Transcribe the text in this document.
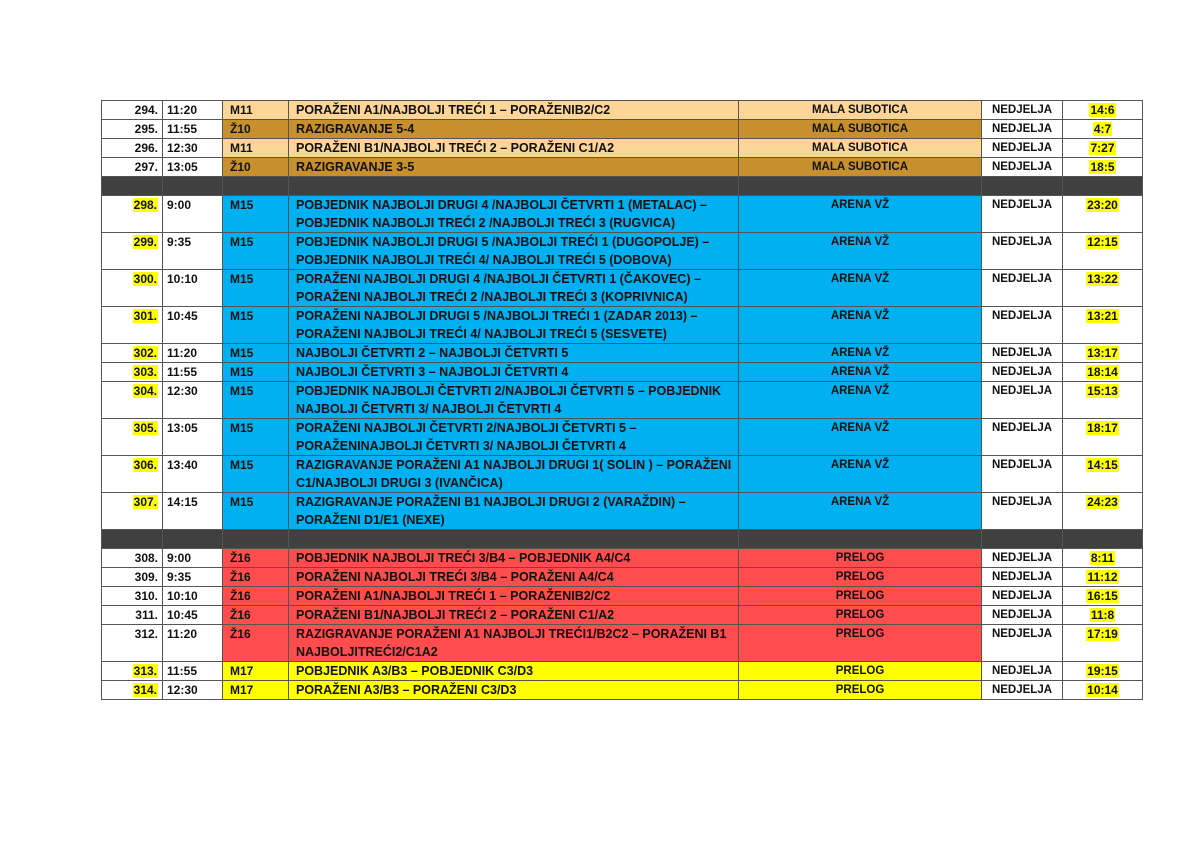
294.	11:20	M11	PORAŽENI A1/NAJBOLJI TREĆI 1 – PORAŽENIB2/C2	MALA SUBOTICA	NEDJELJA	14:6
295.	11:55	Ž10	RAZIGRAVANJE 5-4	MALA SUBOTICA	NEDJELJA	4:7
296.	12:30	M11	PORAŽENI B1/NAJBOLJI TREĆI 2 – PORAŽENI C1/A2	MALA SUBOTICA	NEDJELJA	7:27
297.	13:05	Ž10	RAZIGRAVANJE 3-5	MALA SUBOTICA	NEDJELJA	18:5

298.	9:00	M15	POBJEDNIK NAJBOLJI DRUGI 4 /NAJBOLJI ČETVRTI 1 (METALAC) – POBJEDNIK NAJBOLJI TREĆI 2 /NAJBOLJI TREĆI 3 (RUGVICA)	ARENA VŽ	NEDJELJA	23:20
299.	9:35	M15	POBJEDNIK NAJBOLJI DRUGI 5 /NAJBOLJI TREĆI 1 (DUGOPOLJE) – POBJEDNIK NAJBOLJI TREĆI 4/ NAJBOLJI TREĆI 5 (DOBOVA)	ARENA VŽ	NEDJELJA	12:15
300.	10:10	M15	PORAŽENI NAJBOLJI DRUGI 4 /NAJBOLJI ČETVRTI 1 (ČAKOVEC) – PORAŽENI NAJBOLJI TREĆI 2 /NAJBOLJI TREĆI 3 (KOPRIVNICA)	ARENA VŽ	NEDJELJA	13:22
301.	10:45	M15	PORAŽENI NAJBOLJI DRUGI 5 /NAJBOLJI TREĆI 1 (ZADAR 2013) – PORAŽENI NAJBOLJI TREĆI 4/ NAJBOLJI TREĆI 5 (SESVETE)	ARENA VŽ	NEDJELJA	13:21
302.	11:20	M15	NAJBOLJI ČETVRTI 2 – NAJBOLJI ČETVRTI 5	ARENA VŽ	NEDJELJA	13:17
303.	11:55	M15	NAJBOLJI ČETVRTI 3 – NAJBOLJI ČETVRTI 4	ARENA VŽ	NEDJELJA	18:14
304.	12:30	M15	POBJEDNIK NAJBOLJI ČETVRTI 2/NAJBOLJI ČETVRTI 5 – POBJEDNIK NAJBOLJI ČETVRTI 3/ NAJBOLJI ČETVRTI 4	ARENA VŽ	NEDJELJA	15:13
305.	13:05	M15	PORAŽENI NAJBOLJI ČETVRTI 2/NAJBOLJI ČETVRTI 5 – PORAŽENINAJBOLJI ČETVRTI 3/ NAJBOLJI ČETVRTI 4	ARENA VŽ	NEDJELJA	18:17
306.	13:40	M15	RAZIGRAVANJE PORAŽENI A1 NAJBOLJI DRUGI 1( SOLIN ) – PORAŽENI C1/NAJBOLJI DRUGI 3 (IVANČICA)	ARENA VŽ	NEDJELJA	14:15
307.	14:15	M15	RAZIGRAVANJE PORAŽENI B1 NAJBOLJI DRUGI 2 (VARAŽDIN) – PORAŽENI D1/E1 (NEXE)	ARENA VŽ	NEDJELJA	24:23

308.	9:00	Ž16	POBJEDNIK NAJBOLJI TREĆI 3/B4 – POBJEDNIK A4/C4	PRELOG	NEDJELJA	8:11
309.	9:35	Ž16	PORAŽENI NAJBOLJI TREĆI 3/B4 – PORAŽENI A4/C4	PRELOG	NEDJELJA	11:12
310.	10:10	Ž16	PORAŽENI A1/NAJBOLJI TREĆI 1 – PORAŽENIB2/C2	PRELOG	NEDJELJA	16:15
311.	10:45	Ž16	PORAŽENI B1/NAJBOLJI TREĆI 2 – PORAŽENI C1/A2	PRELOG	NEDJELJA	11:8
312.	11:20	Ž16	RAZIGRAVANJE PORAŽENI A1 NAJBOLJI TREĆI1/B2C2 – PORAŽENI B1 NAJBOLJITREĆI2/C1A2	PRELOG	NEDJELJA	17:19
313.	11:55	M17	POBJEDNIK A3/B3 – POBJEDNIK C3/D3	PRELOG	NEDJELJA	19:15
314.	12:30	M17	PORAŽENI A3/B3 – PORAŽENI C3/D3	PRELOG	NEDJELJA	10:14
